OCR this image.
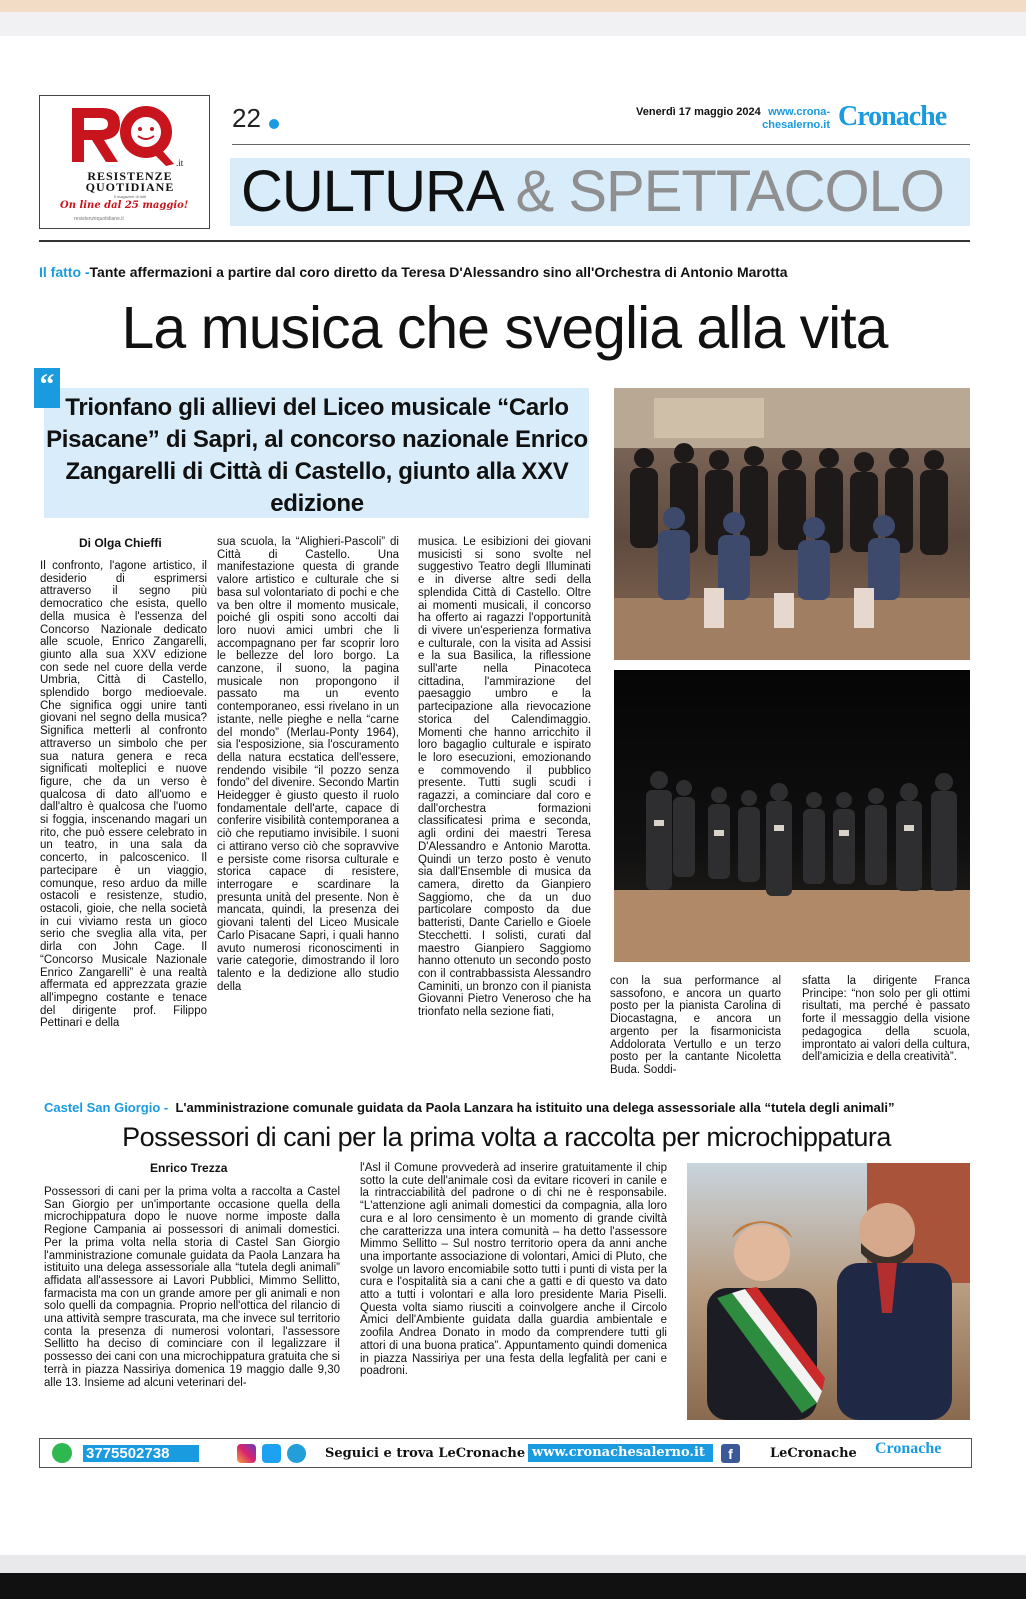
.it
RESISTENZE
QUOTIDIANE
Il magazine di tutti
On line dal 25 maggio!
resistenzequotidiane.it
22	Venerdì 17 maggio 2024 www.crona-
chesalerno.it Cronache
CULTURA & SPETTACOLO
Il fatto -Tante affermazioni a partire dal coro diretto da Teresa D'Alessandro sino all'Orchestra di Antonio Marotta
La musica che sveglia alla vita
“
Trionfano gli allievi del Liceo musicale “Carlo Pisacane” di Sapri, al concorso nazionale Enrico Zangarelli di Città di Castello, giunto alla XXV edizione
Di Olga Chieffi

Il confronto, l'agone artistico, il desiderio di esprimersi attraverso il segno più democratico che esista, quello della musica è l'essenza del Concorso Nazionale dedicato alle scuole, Enrico Zangarelli, giunto alla sua XXV edizione con sede nel cuore della verde Umbria, Città di Castello, splendido borgo medioevale. Che significa oggi unire tanti giovani nel segno della musica? Significa metterli al confronto attraverso un simbolo che per sua natura genera e reca significati molteplici e nuove figure, che da un verso è qualcosa di dato all'uomo e dall'altro è qualcosa che l'uomo si foggia, inscenando magari un rito, che può essere celebrato in un teatro, in una sala da concerto, in palcoscenico. Il partecipare è un viaggio, comunque, reso arduo da mille ostacoli e resistenze, studio, ostacoli, gioie, che nella società in cui viviamo resta un gioco serio che sveglia alla vita, per dirla con John Cage. Il “Concorso Musicale Nazionale Enrico Zangarelli” è una realtà affermata ed apprezzata grazie all'impegno costante e tenace del dirigente prof. Filippo Pettinari e della

sua scuola, la “Alighieri-Pascoli” di Città di Castello. Una manifestazione questa di grande valore artistico e culturale che si basa sul volontariato di pochi e che va ben oltre il momento musicale, poiché gli ospiti sono accolti dai loro nuovi amici umbri che li accompagnano per far scoprir loro le bellezze del loro borgo. La canzone, il suono, la pagina musicale non propongono il passato ma un evento contemporaneo, essi rivelano in un istante, nelle pieghe e nella “carne del mondo” (Merlau-Ponty 1964), sia l'esposizione, sia l'oscuramento della natura ecstatica dell'essere, rendendo visibile “il pozzo senza fondo” del divenire. Secondo Martin Heidegger è giusto questo il ruolo fondamentale dell'arte, capace di conferire visibilità contemporanea a ciò che reputiamo invisibile. I suoni ci attirano verso ciò che sopravvive e persiste come risorsa culturale e storica capace di resistere, interrogare e scardinare la presunta unità del presente. Non è mancata, quindi, la presenza dei giovani talenti del Liceo Musicale Carlo Pisacane Sapri, i quali hanno avuto numerosi riconoscimenti in varie categorie, dimostrando il loro talento e la dedizione allo studio della

musica. Le esibizioni dei giovani musicisti si sono svolte nel suggestivo Teatro degli Illuminati e in diverse altre sedi della splendida Città di Castello. Oltre ai momenti musicali, il concorso ha offerto ai ragazzi l'opportunità di vivere un'esperienza formativa e culturale, con la visita ad Assisi e la sua Basilica, la riflessione sull'arte nella Pinacoteca cittadina, l'ammirazione del paesaggio umbro e la partecipazione alla rievocazione storica del Calendimaggio. Momenti che hanno arricchito il loro bagaglio culturale e ispirato le loro esecuzioni, emozionando e commovendo il pubblico presente. Tutti sugli scudi i ragazzi, a cominciare dal coro e dall'orchestra formazioni classificatesi prima e seconda, agli ordini dei maestri Teresa D'Alessandro e Antonio Marotta. Quindi un terzo posto è venuto sia dall'Ensemble di musica da camera, diretto da Gianpiero Saggiomo, che da un duo particolare composto da due batteristi, Dante Cariello e Gioele Stecchetti. I solisti, curati dal maestro Gianpiero Saggiomo hanno ottenuto un secondo posto con il contrabbassista Alessandro Caminiti, un bronzo con il pianista Giovanni Pietro Veneroso che ha trionfato nella sezione fiati,

con la sua performance al sassofono, e ancora un quarto posto per la pianista Carolina di Diocastagna, e ancora un argento per la fisarmonicista Addolorata Vertullo e un terzo posto per la cantante Nicoletta Buda. Soddi-

sfatta la dirigente Franca Principe: “non solo per gli ottimi risultati, ma perché è passato forte il messaggio della visione pedagogica della scuola, improntato ai valori della cultura, dell'amicizia e della creatività”.

Castel San Giorgio - L'amministrazione comunale guidata da Paola Lanzara ha istituito una delega assessoriale alla “tutela degli animali”
Possessori di cani per la prima volta a raccolta per microchippatura
Enrico Trezza

Possessori di cani per la prima volta a raccolta a Castel San Giorgio per un'importante occasione quella della microchippatura dopo le nuove norme imposte dalla Regione Campania ai possessori di animali domestici. Per la prima volta nella storia di Castel San Giorgio l'amministrazione comunale guidata da Paola Lanzara ha istituito una delega assessoriale alla “tutela degli animali” affidata all'assessore ai Lavori Pubblici, Mimmo Sellitto, farmacista ma con un grande amore per gli animali e non solo quelli da compagnia. Proprio nell'ottica del rilancio di una attività sempre trascurata, ma che invece sul territorio conta la presenza di numerosi volontari, l'assessore Sellitto ha deciso di cominciare con il legalizzare il possesso dei cani con una microchippatura gratuita che si terrà in piazza Nassiriya domenica 19 maggio dalle 9,30 alle 13. Insieme ad alcuni veterinari del-

l'Asl il Comune provvederà ad inserire gratuitamente il chip sotto la cute dell'animale così da evitare ricoveri in canile e la rintracciabilità del padrone o di chi ne è responsabile. “L'attenzione agli animali domestici da compagnia, alla loro cura e al loro censimento è un momento di grande civiltà che caratterizza una intera comunità – ha detto l'assessore Mimmo Sellitto – Sul nostro territorio opera da anni anche una importante associazione di volontari, Amici di Pluto, che svolge un lavoro encomiabile sotto tutti i punti di vista per la cura e l'ospitalità sia a cani che a gatti e di questo va dato atto a tutti i volontari e alla loro presidente Maria Piselli. Questa volta siamo riusciti a coinvolgere anche il Circolo Amici dell'Ambiente guidata dalla guardia ambientale e zoofila Andrea Donato in modo da comprendere tutti gli attori di una buona pratica”. Appuntamento quindi domenica in piazza Nassiriya per una festa della legfalità per cani e poadroni.

3775502738	Seguici e trova LeCronache www.cronachesalerno.it	f	LeCronache Cronache
